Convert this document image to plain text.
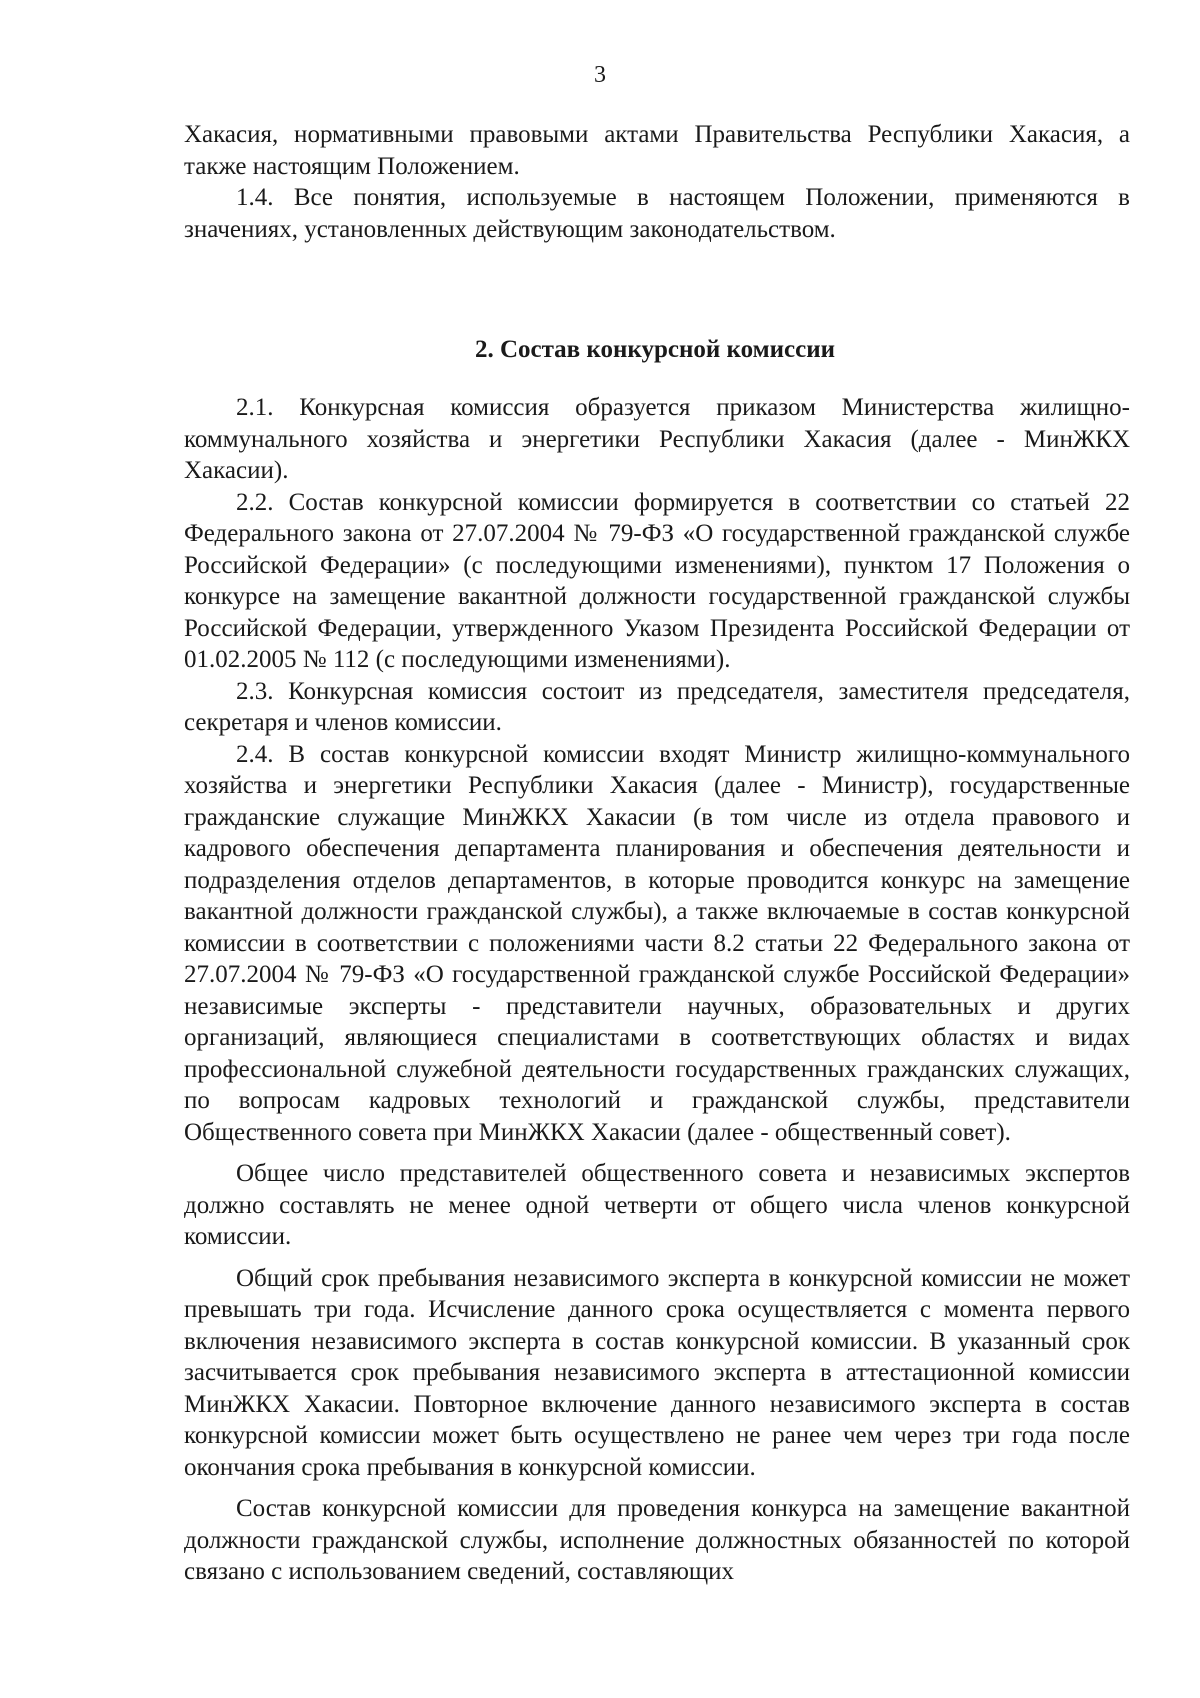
3

Хакасия, нормативными правовыми актами Правительства Республики Хакасия, а также настоящим Положением.

1.4. Все понятия, используемые в настоящем Положении, применяются в значениях, установленных действующим законодательством.

2. Состав конкурсной комиссии

2.1. Конкурсная комиссия образуется приказом Министерства жилищно-коммунального хозяйства и энергетики Республики Хакасия (далее - МинЖКХ Хакасии).

2.2. Состав конкурсной комиссии формируется в соответствии со статьей 22 Федерального закона от 27.07.2004 № 79-ФЗ «О государственной гражданской службе Российской Федерации» (с последующими изменениями), пунктом 17 Положения о конкурсе на замещение вакантной должности государственной гражданской службы Российской Федерации, утвержденного Указом Президента Российской Федерации от 01.02.2005 № 112 (с последующими изменениями).

2.3. Конкурсная комиссия состоит из председателя, заместителя председателя, секретаря и членов комиссии.

2.4. В состав конкурсной комиссии входят Министр жилищно-коммунального хозяйства и энергетики Республики Хакасия (далее - Министр), государственные гражданские служащие МинЖКХ Хакасии (в том числе из отдела правового и кадрового обеспечения департамента планирования и обеспечения деятельности и подразделения отделов департаментов, в которые проводится конкурс на замещение вакантной должности гражданской службы), а также включаемые в состав конкурсной комиссии в соответствии с положениями части 8.2 статьи 22 Федерального закона от 27.07.2004 № 79-ФЗ «О государственной гражданской службе Российской Федерации» независимые эксперты - представители научных, образовательных и других организаций, являющиеся специалистами в соответствующих областях и видах профессиональной служебной деятельности государственных гражданских служащих, по вопросам кадровых технологий и гражданской службы, представители Общественного совета при МинЖКХ Хакасии (далее - общественный совет).

Общее число представителей общественного совета и независимых экспертов должно составлять не менее одной четверти от общего числа членов конкурсной комиссии.

Общий срок пребывания независимого эксперта в конкурсной комиссии не может превышать три года. Исчисление данного срока осуществляется с момента первого включения независимого эксперта в состав конкурсной комиссии. В указанный срок засчитывается срок пребывания независимого эксперта в аттестационной комиссии МинЖКХ Хакасии. Повторное включение данного независимого эксперта в состав конкурсной комиссии может быть осуществлено не ранее чем через три года после окончания срока пребывания в конкурсной комиссии.

Состав конкурсной комиссии для проведения конкурса на замещение вакантной должности гражданской службы, исполнение должностных обязанностей по которой связано с использованием сведений, составляющих
